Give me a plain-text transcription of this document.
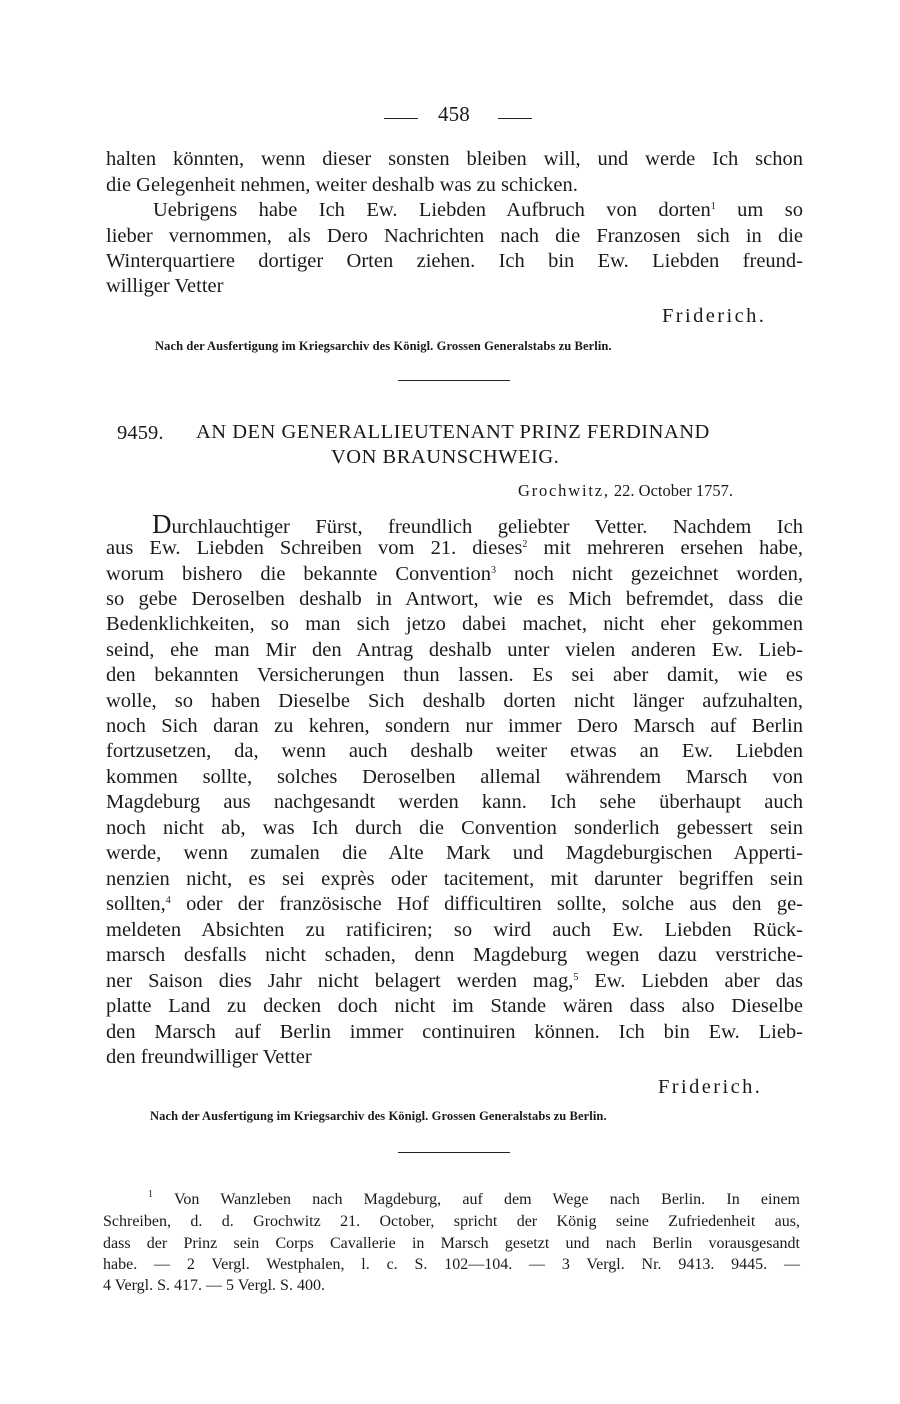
458
halten könnten, wenn dieser sonsten bleiben will, und werde Ich schon
die Gelegenheit nehmen, weiter deshalb was zu schicken.
Uebrigens habe Ich Ew. Liebden Aufbruch von dorten$^1$ um so
lieber vernommen, als Dero Nachrichten nach die Franzosen sich in die
Winterquartiere dortiger Orten ziehen. Ich bin Ew. Liebden freund-
williger Vetter
Friderich.
Nach der Ausfertigung im Kriegsarchiv des Königl. Grossen Generalstabs zu Berlin.
9459. AN DEN GENERALLIEUTENANT PRINZ FERDINAND
VON BRAUNSCHWEIG.
Grochwitz, 22. October 1757.
Durchlauchtiger Fürst, freundlich geliebter Vetter. Nachdem Ich
aus Ew. Liebden Schreiben vom 21. dieses$^2$ mit mehreren ersehen habe,
worum bishero die bekannte Convention$^3$ noch nicht gezeichnet worden,
so gebe Deroselben deshalb in Antwort, wie es Mich befremdet, dass die
Bedenklichkeiten, so man sich jetzo dabei machet, nicht eher gekommen
seind, ehe man Mir den Antrag deshalb unter vielen anderen Ew. Lieb-
den bekannten Versicherungen thun lassen. Es sei aber damit, wie es
wolle, so haben Dieselbe Sich deshalb dorten nicht länger aufzuhalten,
noch Sich daran zu kehren, sondern nur immer Dero Marsch auf Berlin
fortzusetzen, da, wenn auch deshalb weiter etwas an Ew. Liebden
kommen sollte, solches Deroselben allemal währendem Marsch von
Magdeburg aus nachgesandt werden kann. Ich sehe überhaupt auch
noch nicht ab, was Ich durch die Convention sonderlich gebessert sein
werde, wenn zumalen die Alte Mark und Magdeburgischen Apperti-
nenzien nicht, es sei exprès oder tacitement, mit darunter begriffen sein
sollten,$^4$ oder der französische Hof difficultiren sollte, solche aus den ge-
meldeten Absichten zu ratificiren; so wird auch Ew. Liebden Rück-
marsch desfalls nicht schaden, denn Magdeburg wegen dazu verstriche-
ner Saison dies Jahr nicht belagert werden mag,$^5$ Ew. Liebden aber das
platte Land zu decken doch nicht im Stande wären dass also Dieselbe
den Marsch auf Berlin immer continuiren können. Ich bin Ew. Lieb-
den freundwilliger Vetter
Friderich.
Nach der Ausfertigung im Kriegsarchiv des Königl. Grossen Generalstabs zu Berlin.
$^1$ Von Wanzleben nach Magdeburg, auf dem Wege nach Berlin. In einem
Schreiben, d. d. Grochwitz 21. October, spricht der König seine Zufriedenheit aus,
dass der Prinz sein Corps Cavallerie in Marsch gesetzt und nach Berlin vorausgesandt
habe. — 2 Vergl. Westphalen, l. c. S. 102—104. — 3 Vergl. Nr. 9413. 9445. —
4 Vergl. S. 417. — 5 Vergl. S. 400.
